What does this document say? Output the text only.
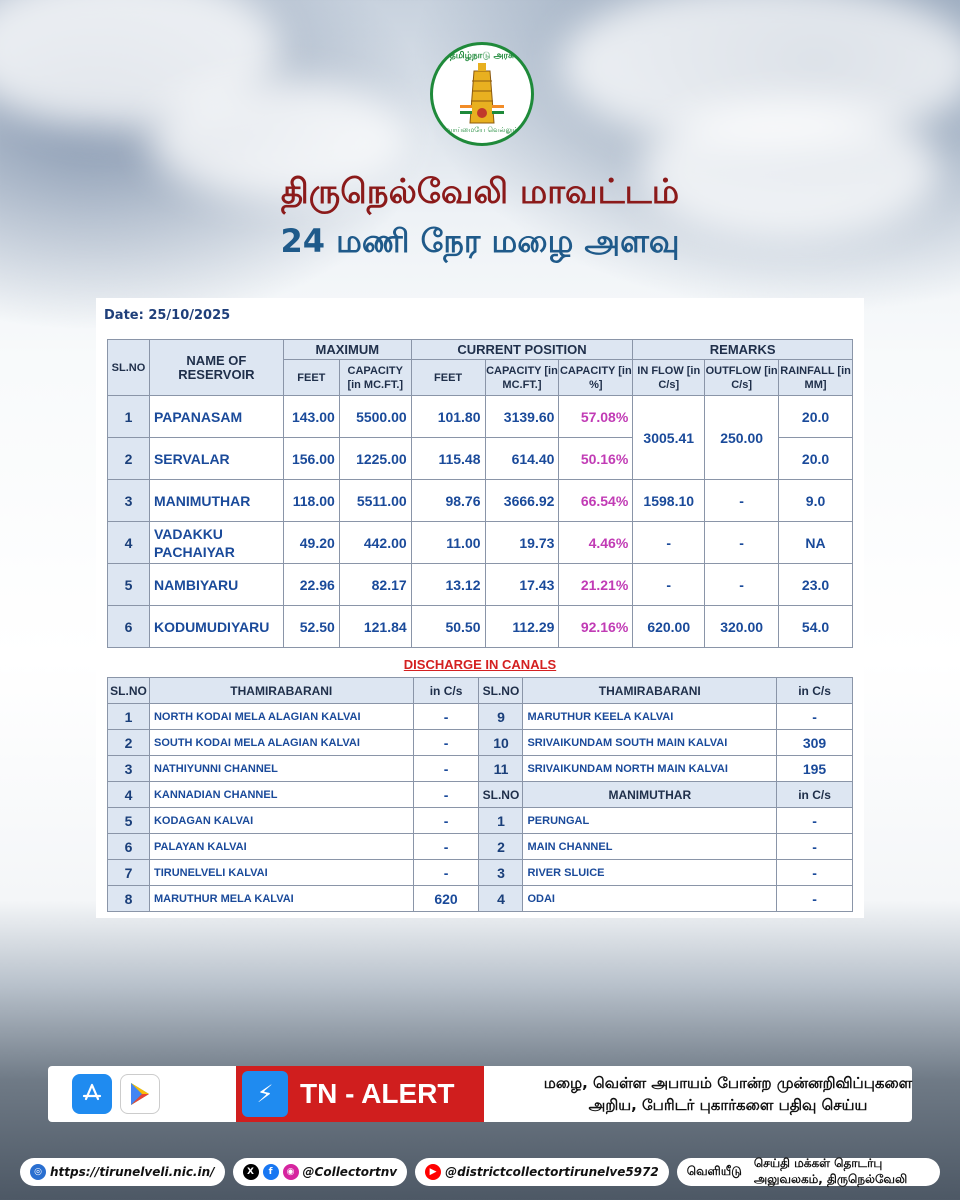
தமிழ்நாடு அரசு
வாய்மையே வெல்லும்
திருநெல்வேலி மாவட்டம்
24 மணி நேர மழை அளவு
Date: 25/10/2025
SL.NO	NAME OF RESERVOIR	MAXIMUM		CURRENT POSITION			REMARKS		
		FEET	CAPACITY [in MC.FT.]	FEET	CAPACITY [in MC.FT.]	CAPACITY [in %]	IN FLOW [in C/s]	OUTFLOW [in C/s]	RAINFALL [in MM]
1	PAPANASAM	143.00	5500.00	101.80	3139.60	57.08%	3005.41	250.00	20.0
2	SERVALAR	156.00	1225.00	115.48	614.40	50.16%			20.0
3	MANIMUTHAR	118.00	5511.00	98.76	3666.92	66.54%	1598.10	-	9.0
4	VADAKKU PACHAIYAR	49.20	442.00	11.00	19.73	4.46%	-	-	NA
5	NAMBIYARU	22.96	82.17	13.12	17.43	21.21%	-	-	23.0
6	KODUMUDIYARU	52.50	121.84	50.50	112.29	92.16%	620.00	320.00	54.0
DISCHARGE IN CANALS
SL.NO	THAMIRABARANI	in C/s	SL.NO	THAMIRABARANI	in C/s
1	NORTH KODAI MELA ALAGIAN KALVAI	-	9	MARUTHUR KEELA KALVAI	-
2	SOUTH KODAI MELA ALAGIAN KALVAI	-	10	SRIVAIKUNDAM SOUTH MAIN KALVAI	309
3	NATHIYUNNI CHANNEL	-	11	SRIVAIKUNDAM NORTH MAIN KALVAI	195
4	KANNADIAN CHANNEL	-	SL.NO	MANIMUTHAR	in C/s
5	KODAGAN KALVAI	-	1	PERUNGAL	-
6	PALAYAN KALVAI	-	2	MAIN CHANNEL	-
7	TIRUNELVELI KALVAI	-	3	RIVER SLUICE	-
8	MARUTHUR MELA KALVAI	620	4	ODAI	-
⚡ TN - ALERT	மழை, வெள்ள அபாயம் போன்ற முன்னறிவிப்புகளை
அறிய, பேரிடர் புகார்களை பதிவு செய்ய
◎ https://tirunelveli.nic.in/	X	f	◉ @Collectortnv	▶ @districtcollectortirunelve5972 வெளியீடு
செய்தி மக்கள் தொடர்பு அலுவலகம், திருநெல்வேலி
